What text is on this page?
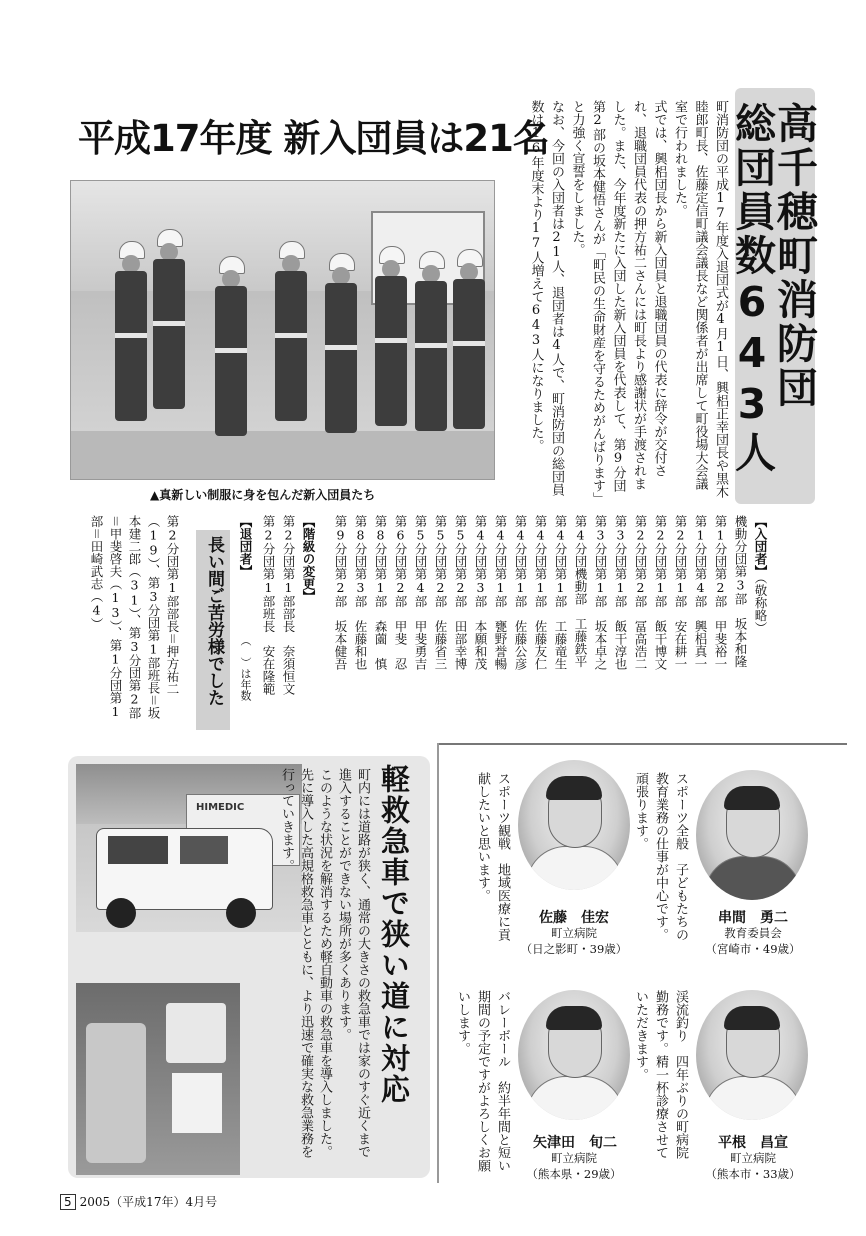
平成17年度 新入団員は21名
▲真新しい制服に身を包んだ新入団員たち	町消防団の平成17年度入退団式が4月1日、興梠正幸団長や黒木睦郎町長、佐藤定信町議会議長など関係者が出席して町役場大会議室で行われました。

式では、興梠団長から新入団員と退職団員の代表に辞令が交付され、退職団員代表の押方祐二さんには町長より感謝状が手渡されました。また、今年度新たに入団した新入団員を代表して、第9分団第2部の坂本健悟さんが「町民の生命財産を守るためがんばります」と力強く宣誓をしました。

なお、今回の入団者は21人、退団者は4人で、町消防団の総団員数は16年度末より17人増えて643人になりました。	高千穂町消防団
総団員数643人
【入団者】（敬称略）
機動分団第3部　坂本和隆
第1分団第2部　甲斐裕一
第1分団第4部　興梠真一
第2分団第1部　安在耕一
第2分団第1部　飯干博文
第2分団第2部　冨高浩二
第3分団第1部　飯干淳也
第3分団第1部　坂本卓之
第4分団機動部　工藤鉄平
第4分団第1部　工藤竜生
第4分団第1部　佐藤友仁
第4分団第1部　佐藤公彦
第4分団第1部　甕野誉暢
第4分団第3部　本願和茂
第5分団第2部　田部幸博
第5分団第2部　佐藤省三
第5分団第4部　甲斐勇吉
第6分団第2部　甲斐　忍
第8分団第1部　森薗　慎
第8分団第3部　佐藤和也
第9分団第2部　坂本健吾
【階級の変更】
第2分団第1部部長　奈須恒文
第2分団第1部班長　安在隆範
【退団者】
（　）は年数
第2分団第1部部長＝押方祐二（19）、第3分団第1部班長＝坂本建二郎（31）、第3分団第2部＝甲斐啓夫（13）、第1分団第1部＝田崎武志（4）	長い間ご苦労様でした
HIMEDIC	町内には道路が狭く、通常の大きさの救急車では家のすぐ近くまで進入することができない場所が多くあります。

このような状況を解消するため軽自動車の救急車を導入しました。

先に導入した高規格救急車とともに、より迅速で確実な救急業務を行っていきます。	軽救急車で狭い道に対応	串間　勇二
教育委員会
（宮崎市・49歳）
スポーツ全般　子どもたちの教育業務の仕事が中心です。頑張ります。
佐藤　佳宏
町立病院
（日之影町・39歳）
スポーツ観戦　地域医療に貢献したいと思います。
平根　昌宣
町立病院
（熊本市・33歳）
渓流釣り　四年ぶりの町病院勤務です。精一杯診療させていただきます。
矢津田　旬二
町立病院
（熊本県・29歳）
バレーボール　約半年間と短い期間の予定ですがよろしくお願いします。
5 2005（平成17年）4月号
